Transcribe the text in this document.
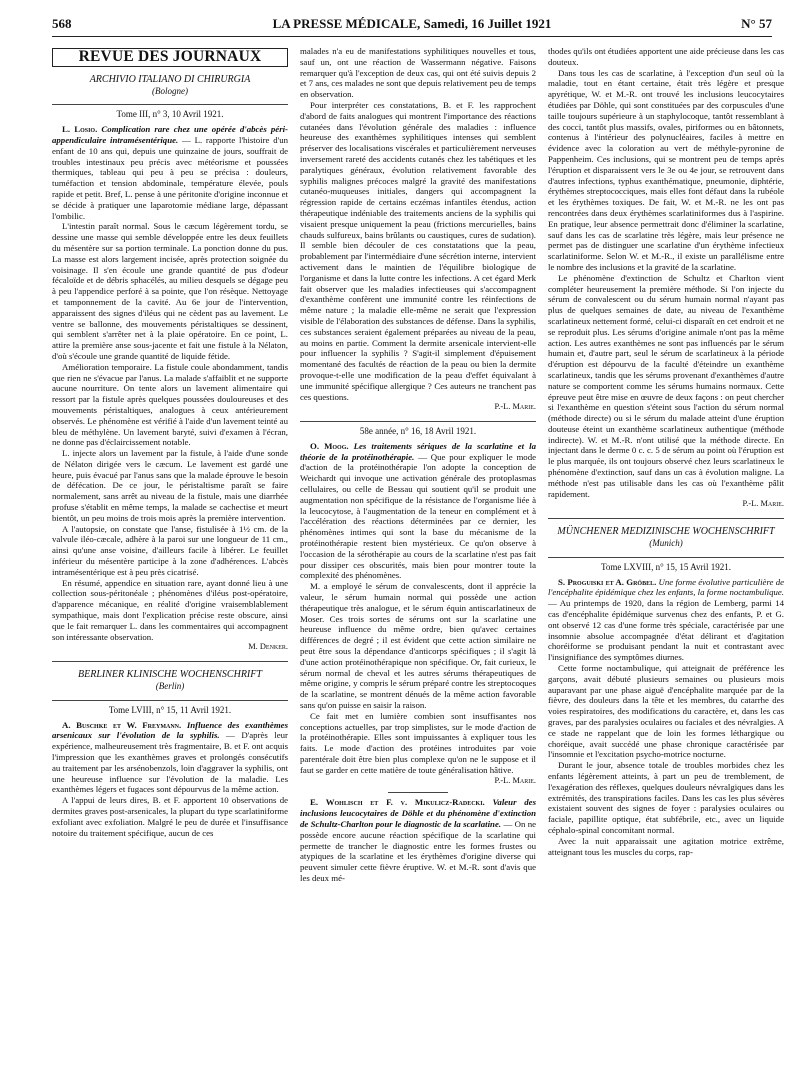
568	LA PRESSE MÉDICALE, Samedi, 16 Juillet 1921	N° 57
REVUE DES JOURNAUX
ARCHIVIO ITALIANO DI CHIRURGIA
(Bologne)
Tome III, n° 3, 10 Avril 1921.

L. Losio. Complication rare chez une opérée d'abcès péri-appendiculaire intramésentérique. — L. rapporte l'histoire d'un enfant de 10 ans qui, depuis une quinzaine de jours, souffrait de troubles intestinaux peu précis avec météorisme et poussées thermiques, tableau qui peu à peu se précisa : douleurs, tuméfaction et tension abdominale, température élevée, pouls rapide et petit. Bref, L. pense à une péritonite d'origine inconnue et se décide à pratiquer une laparotomie médiane large, dépassant l'ombilic.

L'intestin paraît normal. Sous le cæcum légèrement tordu, se dessine une masse qui semble développée entre les deux feuillets du mésentère sur sa portion terminale. La ponction donne du pus. La masse est alors largement incisée, après protection soignée du voisinage. Il s'en écoule une grande quantité de pus d'odeur fécaloïde et de débris sphacélés, au milieu desquels se dégage peu à peu l'appendice perforé à sa pointe, que l'on résèque. Nettoyage et tamponnement de la cavité. Au 6e jour de l'intervention, apparaissent des signes d'iléus qui ne cèdent pas au lavement. Le ventre se ballonne, des mouvements péristaltiques se dessinent, qui semblent s'arrêter net à la plaie opératoire. En ce point, L. attire la première anse sous-jacente et fait une fistule à la Nélaton, d'où s'écoule une grande quantité de liquide fétide.

Amélioration temporaire. La fistule coule abondamment, tandis que rien ne s'évacue par l'anus. La malade s'affaiblit et ne supporte aucune nourriture. On tente alors un lavement alimentaire qui ressort par la fistule après quelques poussées douloureuses et des mouvements péristaltiques, analogues à ceux antérieurement observés. Le phénomène est vérifié à l'aide d'un lavement teinté au bleu de méthylène. Un lavement baryté, suivi d'examen à l'écran, ne donne pas d'éclaircissement notable.

L. injecte alors un lavement par la fistule, à l'aide d'une sonde de Nélaton dirigée vers le cæcum. Le lavement est gardé une heure, puis évacué par l'anus sans que la malade éprouve le besoin de défécation. De ce jour, le péristaltisme paraît se faire normalement, sans arrêt au niveau de la fistule, mais une diarrhée profuse s'établit en même temps, la malade se cachectise et meurt bientôt, un peu moins de trois mois après la première intervention.

A l'autopsie, on constate que l'anse, fistulisée à 1½ cm. de la valvule iléo-cæcale, adhère à la paroi sur une longueur de 11 cm., ainsi qu'une anse voisine, d'ailleurs facile à libérer. Le feuillet inférieur du mésentère participe à la zone d'adhérences. L'abcès intramésentérique est à peu près cicatrisé.

En résumé, appendice en situation rare, ayant donné lieu à une collection sous-péritonéale ; phénomènes d'iléus post-opératoire, d'apparence mécanique, en réalité d'origine vraisemblablement sympathique, mais dont l'explication précise reste obscure, ainsi que le fait remarquer L. dans les commentaires qui accompagnent son intéressante observation.

M. Denker.
BERLINER KLINISCHE WOCHENSCHRIFT
(Berlin)
Tome LVIII, n° 15, 11 Avril 1921.

A. Buschke et W. Freymann. Influence des exanthèmes arsenicaux sur l'évolution de la syphilis. — D'après leur expérience, malheureusement très fragmentaire, B. et F. ont acquis l'impression que les exanthèmes graves et prolongés consécutifs au traitement par les arsénobenzols, loin d'aggraver la syphilis, ont une heureuse influence sur l'évolution de la maladie. Les exanthèmes légers et fugaces sont dépourvus de la même action.

A l'appui de leurs dires, B. et F. apportent 10 observations de dermites graves post-arsenicales, la plupart du type scarlatiniforme exfoliant avec exfoliation. Malgré le peu de durée et l'insuffisance notoire du traitement spécifique, aucun de ces

malades n'a eu de manifestations syphilitiques nouvelles et tous, sauf un, ont une réaction de Wassermann négative. Faisons remarquer qu'à l'exception de deux cas, qui ont été suivis depuis 2 et 7 ans, ces malades ne sont que depuis relativement peu de temps en observation.

Pour interpréter ces constatations, B. et F. les rapprochent d'abord de faits analogues qui montrent l'importance des réactions cutanées dans l'évolution générale des maladies : influence heureuse des exanthèmes syphilitiques intenses qui semblent préserver des localisations viscérales et particulièrement nerveuses inversement rareté des accidents cutanés chez les tabétiques et les paralytiques généraux, évolution relativement favorable des syphilis malignes précoces malgré la gravité des manifestations cutanéo-muqueuses initiales, dangers qui accompagnent la régression rapide de certains eczémas infantiles étendus, action thérapeutique indéniable des traitements anciens de la syphilis qui visaient presque uniquement la peau (frictions mercurielles, bains chauds sulfureux, bains brûlants ou caustiques, cures de sudation). Il semble bien découler de ces constatations que la peau, probablement par l'intermédiaire d'une sécrétion interne, intervient activement dans le maintien de l'équilibre biologique de l'organisme et dans la lutte contre les infections. A cet égard Merk fait observer que les maladies infectieuses qui s'accompagnent d'exanthème confèrent une immunité contre les réinfections de même nature ; la maladie elle-même ne serait que l'expression visible de l'élaboration des substances de défense. Dans la syphilis, ces substances seraient également préparées au niveau de la peau, au moins en partie. Comment la dermite arsenicale intervient-elle pour influencer la syphilis ? S'agit-il simplement d'épuisement momentané des facultés de réaction de la peau ou bien la dermite provoque-t-elle une modification de la peau d'effet équivalant à une immunité spécifique allergique ? Ces auteurs ne tranchent pas ces questions.

P.-L. Marie.
58e année, n° 16, 18 Avril 1921.

O. Moog. Les traitements sériques de la scarlatine et la théorie de la protéinothérapie. — Que pour expliquer le mode d'action de la protéinothérapie l'on adopte la conception de Weichardt qui invoque une activation générale des protoplasmas cellulaires, ou celle de Bessau qui soutient qu'il se produit une augmentation non spécifique de la résistance de l'organisme liée à la leucocytose, à l'augmentation de la teneur en complément et à l'accélération des réactions déterminées par ce dernier, les phénomènes intimes qui sont la base du mécanisme de la protéinothérapie restent bien mystérieux. Ce qu'on observe à l'occasion de la sérothérapie au cours de la scarlatine n'est pas fait pour dissiper ces obscurités, mais bien pour montrer toute la complexité des phénomènes.

M. a employé le sérum de convalescents, dont il apprécie la valeur, le sérum humain normal qui possède une action thérapeutique très analogue, et le sérum équin antiscarlatineux de Moser. Ces trois sortes de sérums ont sur la scarlatine une heureuse influence du même ordre, bien qu'avec certaines différences de degré ; il est évident que cette action similaire ne peut être sous la dépendance d'anticorps spécifiques ; il s'agit là d'une action protéinothérapique non spécifique. Or, fait curieux, le sérum normal de cheval et les autres sérums thérapeutiques de même origine, y compris le sérum préparé contre les streptocoques de la scarlatine, se montrent dénués de la même action favorable sans qu'on puisse en saisir la raison.

Ce fait met en lumière combien sont insuffisantes nos conceptions actuelles, par trop simplistes, sur le mode d'action de la protéinothérapie. Elles sont impuissantes à expliquer tous les faits. Le mode d'action des protéines introduites par voie parentérale doit être bien plus complexe qu'on ne le suppose et il faut se garder en cette matière de toute généralisation hâtive.

P.-L. Marie.

E. Wohlisch et F. v. Mikulicz-Radecki. Valeur des inclusions leucocytaires de Döhle et du phénomène d'extinction de Schultz-Charlton pour le diagnostic de la scarlatine. — On ne possède encore aucune réaction spécifique de la scarlatine qui permette de trancher le diagnostic entre les formes frustes ou atypiques de la scarlatine et les érythèmes d'origine diverse qui peuvent simuler cette fièvre éruptive. W. et M.-R. sont d'avis que les deux mé-

thodes qu'ils ont étudiées apportent une aide précieuse dans les cas douteux.

Dans tous les cas de scarlatine, à l'exception d'un seul où la maladie, tout en étant certaine, était très légère et presque apyrétique, W. et M.-R. ont trouvé les inclusions leucocytaires étudiées par Döhle, qui sont constituées par des corpuscules d'une taille toujours supérieure à un staphylocoque, tantôt ressemblant à des cocci, tantôt plus massifs, ovales, piriformes ou en bâtonnets, contenus à l'intérieur des polynucléaires, faciles à mettre en évidence avec la coloration au vert de méthyle-pyronine de Pappenheim. Ces inclusions, qui se montrent peu de temps après l'éruption et disparaissent vers le 3e ou 4e jour, se retrouvent dans d'autres infections, typhus exanthématique, pneumonie, diphtérie, érythèmes streptococciques, mais elles font défaut dans la rubéole et les érythèmes toxiques. De fait, W. et M.-R. ne les ont pas rencontrées dans deux érythèmes scarlatiniformes dus à l'aspirine. En pratique, leur absence permettrait donc d'éliminer la scarlatine, sauf dans les cas de scarlatine très légère, mais leur présence ne permet pas de distinguer une scarlatine d'un érythème infectieux scarlatiniforme. Selon W. et M.-R., il existe un parallélisme entre le nombre des inclusions et la gravité de la scarlatine.

Le phénomène d'extinction de Schultz et Charlton vient compléter heureusement la première méthode. Si l'on injecte du sérum de convalescent ou du sérum humain normal n'ayant pas plus de quelques semaines de date, au niveau de l'exanthème scarlatineux nettement formé, celui-ci disparaît en cet endroit et ne se reproduit plus. Les sérums d'origine animale n'ont pas la même action. Les autres exanthèmes ne sont pas influencés par le sérum humain et, d'autre part, seul le sérum de scarlatineux à la période d'éruption est dépourvu de la faculté d'éteindre un exanthème scarlatineux, tandis que les sérums provenant d'exanthèmes d'autre nature se comportent comme les sérums humains normaux. Cette épreuve peut être mise en œuvre de deux façons : on peut chercher si l'exanthème en question s'éteint sous l'action du sérum normal (méthode directe) ou si le sérum du malade atteint d'une éruption douteuse éteint un exanthème scarlatineux authentique (méthode indirecte). W. et M.-R. n'ont utilisé que la méthode directe. En injectant dans le derme 0 c. c. 5 de sérum au point où l'éruption est le plus marquée, ils ont toujours observé chez leurs scarlatineux le phénomène d'extinction, sauf dans un cas à évolution maligne. La méthode n'est pas utilisable dans les cas où l'exanthème pâlit rapidement.

P.-L. Marie.
MÜNCHENER MEDIZINISCHE WOCHENSCHRIFT
(Munich)
Tome LXVIII, n° 15, 15 Avril 1921.

S. Proguiski et A. Gröbel. Une forme évolutive particulière de l'encéphalite épidémique chez les enfants, la forme noctambulique. — Au printemps de 1920, dans la région de Lemberg, parmi 14 cas d'encéphalite épidémique survenus chez des enfants, P. et G. ont observé 12 cas d'une forme très spéciale, caractérisée par une insomnie absolue accompagnée d'état délirant et d'agitation choréiforme se produisant pendant la nuit et contrastant avec l'insignifiance des symptômes diurnes.

Cette forme noctambulique, qui atteignait de préférence les garçons, avait débuté plusieurs semaines ou plusieurs mois auparavant par une phase aiguë d'encéphalite marquée par de la fièvre, des douleurs dans la tête et les membres, du catarrhe des voies respiratoires, des modifications du caractère, et, dans les cas graves, par des paralysies oculaires ou faciales et des névralgies. A ce stade ne rappelant que de loin les formes léthargique ou choréique, avait succédé une phase chronique caractérisée par l'insomnie et l'excitation psycho-motrice nocturne.

Durant le jour, absence totale de troubles morbides chez les enfants légèrement atteints, à part un peu de tremblement, de l'exagération des réflexes, quelques douleurs névralgiques dans les extrémités, des transpirations faciles. Dans les cas les plus sévères existaient souvent des signes de foyer : paralysies oculaires ou faciale, papillite optique, état subfébrile, etc., avec un liquide céphalo-spinal concomitant normal.

Avec la nuit apparaissait une agitation motrice extrême, atteignant tous les muscles du corps, rap-
